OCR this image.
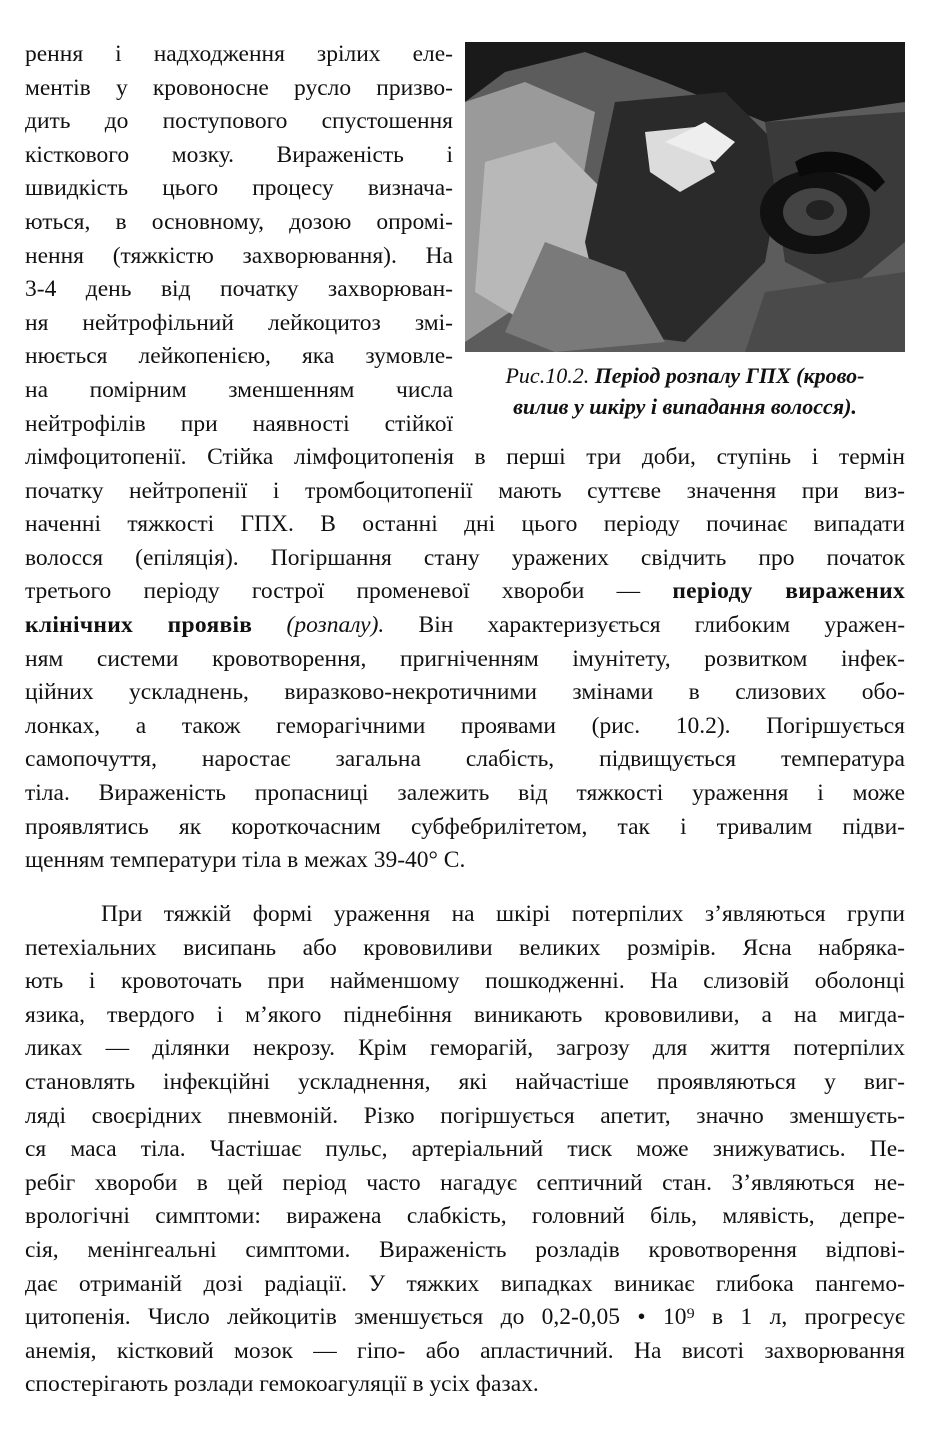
рення і надходження зрілих еле-
ментів у кровоносне русло призво-
дить до поступового спустошення
кісткового мозку. Вираженість і
швидкість цього процесу визнача-
ються, в основному, дозою опромі-
нення (тяжкістю захворювання). На
3-4 день від початку захворюван-
ня нейтрофільний лейкоцитоз змі-
нюється лейкопенією, яка зумовле-
на помірним зменшенням числа
нейтрофілів при наявності стійкої
Рис.10.2. Період розпалу ГПХ (крово-
вилив у шкіру і випадання волосся).
лімфоцитопенії. Стійка лімфоцитопенія в перші три доби, ступінь і термін
початку нейтропенії і тромбоцитопенії мають суттєве значення при виз-
наченні тяжкості ГПХ. В останні дні цього періоду починає випадати
волосся (епіляція). Погіршання стану уражених свідчить про початок
третього періоду гострої променевої хвороби — періоду виражених
клінічних проявів (розпалу). Він характеризується глибоким уражен-
ням системи кровотворення, пригніченням імунітету, розвитком інфек-
ційних ускладнень, виразково-некротичними змінами в слизових обо-
лонках, а також геморагічними проявами (рис. 10.2). Погіршується
самопочуття, наростає загальна слабість, підвищується температура
тіла. Вираженість пропасниці залежить від тяжкості ураження і може
проявлятись як короткочасним субфебрилітетом, так і тривалим підви-
щенням температури тіла в межах 39-40° С.
При тяжкій формі ураження на шкірі потерпілих з’являються групи
петехіальних висипань або крововиливи великих розмірів. Ясна набряка-
ють і кровоточать при найменшому пошкодженні. На слизовій оболонці
язика, твердого і м’якого піднебіння виникають крововиливи, а на мигда-
ликах — ділянки некрозу. Крім геморагій, загрозу для життя потерпілих
становлять інфекційні ускладнення, які найчастіше проявляються у виг-
ляді своєрідних пневмоній. Різко погіршується апетит, значно зменшуєть-
ся маса тіла. Частішає пульс, артеріальний тиск може знижуватись. Пе-
ребіг хвороби в цей період часто нагадує септичний стан. З’являються не-
врологічні симптоми: виражена слабкість, головний біль, млявість, депре-
сія, менінгеальні симптоми. Вираженість розладів кровотворення відпові-
дає отриманій дозі радіації. У тяжких випадках виникає глибока пангемо-
цитопенія. Число лейкоцитів зменшується до 0,2-0,05 • 10⁹ в 1 л, прогресує
анемія, кістковий мозок — гіпо- або апластичний. На висоті захворювання
спостерігають розлади гемокоагуляції в усіх фазах.
